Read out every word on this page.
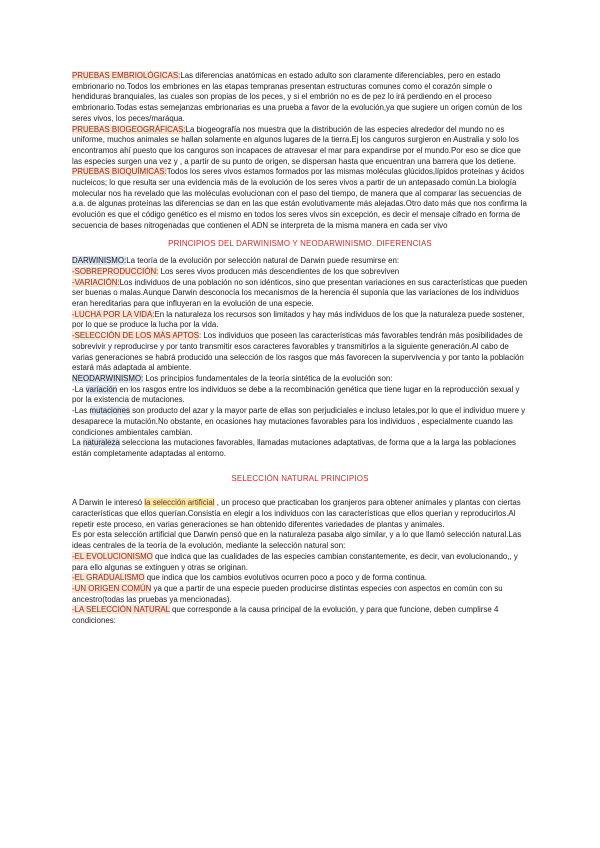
PRUEBAS EMBRIOLÓGICAS:Las diferencias anatómicas en estado adulto son claramente diferenciables, pero en estado embrionario no.Todos los embriones en las etapas tempranas presentan estructuras comunes como el corazón simple o hendiduras branquiales, las cuales son propias de los peces, y si el embrión no es de pez lo irá perdiendo en el proceso embrionario.Todas estas semejanzas embrionarias es una prueba a favor de la evolución,ya que sugiere un origen común de los seres vivos, los peces/maráqua.

PRUEBAS BIOGEOGRÁFICAS:La biogeografía nos muestra que la distribución de las especies alrededor del mundo no es uniforme, muchos animales se hallan solamente en algunos lugares de la tierra.Ej los canguros surgieron en Australia y solo los encontramos ahí puesto que los canguros son incapaces de atravesar el mar para expandirse por el mundo.Por eso se dice que las especies surgen una vez y , a partir de su punto de origen, se dispersan hasta que encuentran una barrera que los detiene.

PRUEBAS BIOQUÍMICAS:Todos los seres vivos estamos formados por las mismas moléculas glúcidos,lípidos proteínas y ácidos nucleicos; lo que resulta ser una evidencia más de la evolución de los seres vivos a partir de un antepasado común.La biología molecular nos ha revelado que las moléculas evolucionan con el paso del tiempo, de manera que al comparar las secuencias de a.a. de algunas proteínas las diferencias se dan en las que están evolutivamente más alejadas.Otro dato más que nos confirma la evolución es que el código genético es el mismo en todos los seres vivos sin excepción, es decir el mensaje cifrado en forma de secuencia de bases nitrogenadas que contienen el ADN se interpreta de la misma manera en cada ser vivo

PRINCIPIOS DEL DARWINISMO Y NEODARWINISMO. DIFERENCIAS

DARWINISMO:La teoría de la evolución por selección natural de Darwin puede resumirse en:

-SOBREPRODUCCIÓN: Los seres vivos producen más descendientes de los que sobreviven

-VARIACIÓN:Los individuos de una población no son idénticos, sino que presentan variaciones en sus características que pueden ser buenas o malas.Aunque Darwin desconocía los mecanismos de la herencia él suponía que las variaciones de los individuos eran hereditarias para que influyeran en la evolución de una especie.

-LUCHA POR LA VIDA:En la naturaleza los recursos son limitados y hay más individuos de los que la naturaleza puede sostener, por lo que se produce la lucha por la vida.

-SELECCIÓN DE LOS MÁS APTOS: Los individuos que poseen las características más favorables tendrán más posibilidades de sobrevivir y reproducirse y por tanto transmitir esos caracteres favorables y transmitirlos a la siguiente generación.Al cabo de varias generaciones se habrá producido una selección de los rasgos que más favorecen la supervivencia y por tanto la población estará más adaptada al ambiente.

NEODARWINISMO: Los principios fundamentales de la teoría sintética de la evolución son:

-La variación en los rasgos entre los individuos se debe a la recombinación genética que tiene lugar en la reproducción sexual y por la existencia de mutaciones.

-Las mutaciones son producto del azar y la mayor parte de ellas son perjudiciales e incluso letales,por lo que el individuo muere y desaparece la mutación.No obstante, en ocasiones hay mutaciones favorables para los individuos , especialmente cuando las condiciones ambientales cambian.

La naturaleza selecciona las mutaciones favorables, llamadas mutaciones adaptativas, de forma que a la larga las poblaciones están completamente adaptadas al entorno.

SELECCIÓN NATURAL PRINCIPIOS

A Darwin le interesó la selección artificial , un proceso que practicaban los granjeros para obtener animales y plantas con ciertas características que ellos querían.Consistía en elegir a los individuos con las características que ellos querían y reproducirlos.Al repetir este proceso, en varias generaciones se han obtenido diferentes variedades de plantas y animales.

Es por esta selección artificial que Darwin pensó que en la naturaleza pasaba algo similar, y a lo que llamó selección natural.Las ideas centrales de la teoría de la evolución, mediante la selección natural son:

-EL EVOLUCIONISMO que indica que las cualidades de las especies cambian constantemente, es decir, van evolucionando,, y para ello algunas se extinguen y otras se originan.

-EL GRADUALISMO que indica que los cambios evolutivos ocurren poco a poco y de forma continua.

-UN ORIGEN COMÚN ya que a partir de una especie pueden producirse distintas especies con aspectos en común con su ancestro(todas las pruebas ya mencionadas).

-LA SELECCIÓN NATURAL que corresponde a la causa principal de la evolución, y para que funcione, deben cumplirse 4 condiciones:
